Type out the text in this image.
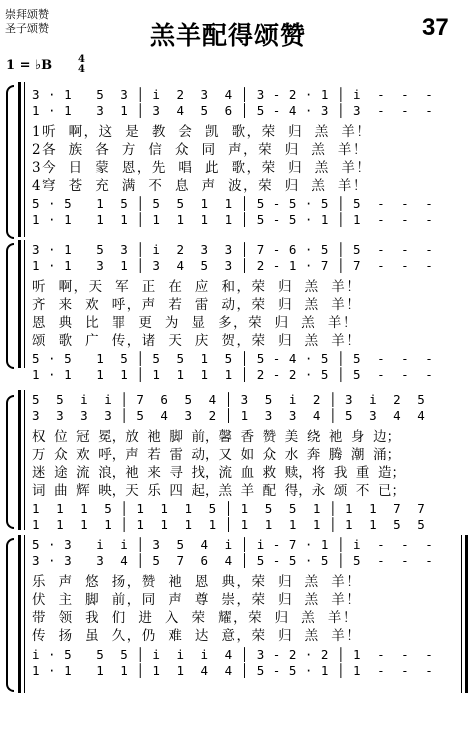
崇拜颂赞
圣子颂赞	羔羊配得颂赞	37
1 = ♭B	4
4
3 · 1   5  3 │ i  2  3  4 │ 3 - 2 · 1 │ i  -  -  -
1 · 1   3  1 │ 3  4  5  6 │ 5 - 4 · 3 │ 3  -  -  -
1听  啊，这  是  教  会  凯  歌，荣  归  羔  羊！
2各  族  各  方  信  众  同  声，荣  归  羔  羊！
3今  日  蒙  恩，先  唱  此  歌，荣  归  羔  羊！
4穹  苍  充  满  不  息  声  波，荣  归  羔  羊！
5 · 5   1  5 │ 5  5  1  1 │ 5 - 5 · 5 │ 5  -  -  -
1 · 1   1  1 │ 1  1  1  1 │ 5 - 5 · 1 │ 1  -  -  -
3 · 1   5  3 │ i  2  3  3 │ 7 - 6 · 5 │ 5  -  -  -
1 · 1   3  1 │ 3  4  5  3 │ 2 - 1 · 7 │ 7  -  -  -
听  啊，天  军  正  在  应  和，荣  归  羔  羊！
齐  来  欢  呼，声  若  雷  动，荣  归  羔  羊！
恩  典  比  罪  更  为  显  多，荣  归  羔  羊！
颂  歌  广  传，诸  天  庆  贺，荣  归  羔  羊！
5 · 5   1  5 │ 5  5  1  5 │ 5 - 4 · 5 │ 5  -  -  -
1 · 1   1  1 │ 1  1  1  1 │ 2 - 2 · 5 │ 5  -  -  -
5  5  i  i │ 7  6  5  4 │ 3  5  i  2 │ 3  i  2  5
3  3  3  3 │ 5  4  3  2 │ 1  3  3  4 │ 5  3  4  4
权  位  冠  冕，放  祂  脚  前，馨  香  赞  美  绕  祂  身  边；
万  众  欢  呼，声  若  雷  动，又  如  众  水  奔  腾  潮  涌；
迷  途  流  浪，祂  来  寻  找，流  血  救  赎，将  我  重  造；
词  曲  辉  映，天  乐  四  起，羔  羊  配  得，永  颂  不  已；
1  1  1  5 │ 1  1  1  5 │ 1  5  5  1 │ 1  1  7  7
1  1  1  1 │ 1  1  1  1 │ 1  1  1  1 │ 1  1  5  5
5 · 3   i  i │ 3  5  4  i │ i - 7 · 1 │ i  -  -  -
3 · 3   3  4 │ 5  7  6  4 │ 5 - 5 · 5 │ 5  -  -  -
乐  声  悠  扬，赞  祂  恩  典，荣  归  羔  羊！
伏  主  脚  前，同  声  尊  崇，荣  归  羔  羊！
带  领  我  们  进  入  荣  耀，荣  归  羔  羊！
传  扬  虽  久，仍  难  达  意，荣  归  羔  羊！
i · 5   5  5 │ i  i  i  4 │ 3 - 2 · 2 │ 1  -  -  -
1 · 1   1  1 │ 1  1  4  4 │ 5 - 5 · 1 │ 1  -  -  -
